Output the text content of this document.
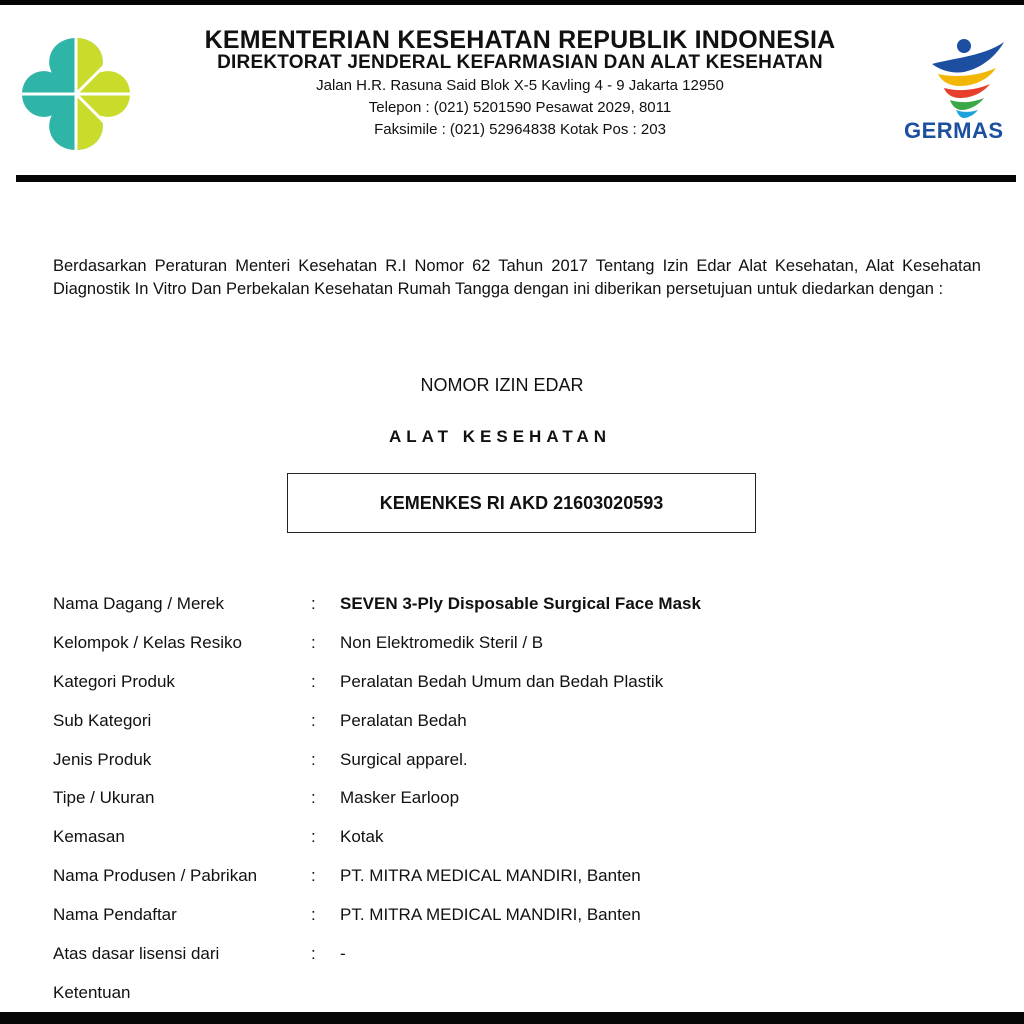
KEMENTERIAN KESEHATAN REPUBLIK INDONESIA
DIREKTORAT JENDERAL KEFARMASIAN DAN ALAT KESEHATAN
Jalan H.R. Rasuna Said Blok X-5 Kavling 4 - 9 Jakarta 12950
Telepon : (021) 5201590 Pesawat 2029, 8011
Faksimile : (021) 52964838 Kotak Pos : 203	GERMAS
Berdasarkan Peraturan Menteri Kesehatan R.I Nomor 62 Tahun 2017 Tentang Izin Edar Alat Kesehatan, Alat Kesehatan Diagnostik In Vitro Dan Perbekalan Kesehatan Rumah Tangga dengan ini diberikan persetujuan untuk diedarkan dengan :
NOMOR IZIN EDAR
ALAT KESEHATAN
KEMENKES RI AKD 21603020593
Nama Dagang / Merek	: SEVEN 3-Ply Disposable Surgical Face Mask
Kelompok / Kelas Resiko	: Non Elektromedik Steril / B
Kategori Produk	: Peralatan Bedah Umum dan Bedah Plastik
Sub Kategori	: Peralatan Bedah
Jenis Produk	: Surgical apparel.
Tipe / Ukuran	: Masker Earloop
Kemasan	: Kotak
Nama Produsen / Pabrikan	: PT. MITRA MEDICAL MANDIRI, Banten
Nama Pendaftar	: PT. MITRA MEDICAL MANDIRI, Banten
Atas dasar lisensi dari	: -
Ketentuan
